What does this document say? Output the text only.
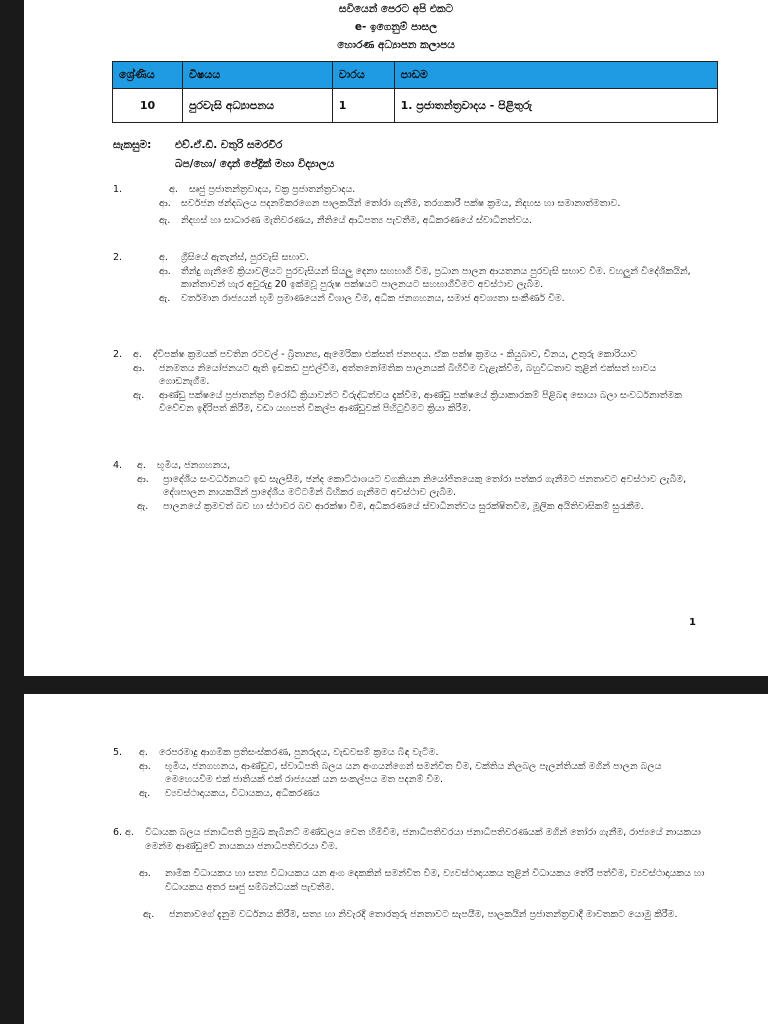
සවියෙන් පෙරට අපි එකට
e- ඉගෙනුම් පාසල
හොරණ අධ්‍යාපන කලාපය
ශ්‍රේණිය	විෂයය	වාරය	පාඩම
10	පුරවැසි අධ්‍යාපනය	1	1. ප්‍රජාතන්ත්‍රවාදය - පිළිතුරු
සැකසුම: එච්.ඒ.ඩී. චතුරි සමරවීර
බප/හො/ දොන් පේද්‍රික් මහා විද්‍යාලය
1.	අ.	සෘජු ප්‍රජාතන්ත්‍රවාදය, වක්‍ර ප්‍රජාතන්ත්‍රවාදය.
ආ.	සර්වජන ඡන්දබලය පදනම්කරගෙන පාලකයින් තෝරා ගැනීම, තරගකාරී පක්ෂ ක්‍රමය, නිදහස හා සමානාත්මතාව.
ඇ.	නිදහස් හා සාධාරණ මැතිවරණය, නීතියේ ආධිපත්‍ය පැවතීම, අධිකරණයේ ස්වාධීනත්වය.
2.	අ.	ග්‍රීසියේ ඇතැන්ස්, පුරවැසි සභාව.
ආ.	තීන්දු ගැනීමේ ක්‍රියාවලියට පුරවැසියන් සියලු දෙනා සහභාගී වීම, ප්‍රධාන පාලන ආයතනය පුරවැසි සභාව වීම. වහලුන් විදේශිකයින්, කාන්තාවන් හැර අවුරුදු 20 ඉක්මවූ පුරුෂ පක්ෂයට පාලනයට සහභාගීවීමට අවස්ථාව ලැබීම.
ඇ.	වර්තමාන රාජ්‍යයන් භූමි ප්‍රමාණයෙන් විශාල වීම, අධික ජනගහනය, සමාජ අවශ්‍යතා සංකීර්ණ වීම.
2. අ.	ද්විපක්ෂ ක්‍රමයක් පවතින රටවල් - බ්‍රිතාන්‍ය, ඇමෙරිකා එක්සත් ජනපදය. ඒක පක්ෂ ක්‍රමය - කියුබාව, චීනය, උතුරු කොරියාව
ආ.	ජනමතය නියෝජනයට ඇති ඉඩකඩ පුළුල්වීම, අත්තනෝමතික පාලනයක් බිහිවීම වැළැක්වීම, බහුවිධතාව තුළින් එක්සත් භාවය ගොඩනැගීම.
ඇ.	ආණ්ඩු පක්ෂයේ ප්‍රජාතන්ත්‍ර විරෝධී ක්‍රියාවන්ට විරුද්ධත්වය දැක්වීම, ආණ්ඩු පක්ෂයේ ක්‍රියාකාරකම් පිළිබඳ සොයා බලා සංවර්ධනාත්මක විවේචන ඉදිරිපත් කිරීම, වඩා යහපත් විකල්ප ආණ්ඩුවක් පිහිටුවීමට ක්‍රියා කිරීම.
4. අ.	භූමිය, ජනගහනය,
ආ.	ප්‍රාදේශීය සංවර්ධනයට ඉඩ සැලසීම, ඡන්ද කොට්ඨාශයට වගකියන නියෝජිතයෙකු තෝරා පත්කර ගැනීමට ජනතාවට අවස්ථාව ලැබීම, දේශපාලන නායකයින් ප්‍රාදේශීය මට්ටමින් බිහිකර ගැනීමට අවස්ථාව ලැබීම.
ඇ.	පාලනයේ ක්‍රමවත් බව හා ස්ථාවර බව ආරක්ෂා වීම, අධිකරණයේ ස්වාධීනත්වය සුරක්ෂිතවීම, මූලික අයිතිවාසිකම් සුරැකීම.
1
5. අ.	රෙපරමාදු ආගමික ප්‍රතිසංස්කරණ, පුනරුදය, වැඩවසම් ක්‍රමය බිඳ වැටීම.
ආ.	භූමිය, ජනගහනය, ආණ්ඩුව, ස්වාධිපති බලය යන අංගයන්ගෙන් සමන්විත වීම, වක්තිය නිලබල පැලන්තියක් මගින් පාලන බලය මෙහෙයවීම එක් ජාතියක් එක් රාජ්‍යයක් යන සංකල්පය මත පදනම් වීම.
ඇ.	ව්‍යවස්ථාදායකය, විධායකය, අධිකරණය
6. අ.	විධායක බලය ජනාධිපති ප්‍රමුඛ කැබිනට් මණ්ඩලය වෙත හිමිවීම, ජනාධිපතිවරයා ජනාධිපතිවරණයක් මගින් තෝරා ගැනීම, රාජ්‍යයේ නායකයා මෙන්ම ආණ්ඩුවේ නායකයා ජනාධිපතිවරයා වීම.
ආ.	නාමික විධායකය හා සත්‍ය විධායකය යන අංග දෙකකින් සමන්විත වීම, ව්‍යවස්ථාදායකය තුළින් විධායකය තේරී පත්වීම, ව්‍යවස්ථාදායකය හා විධායකය අතර සෘජු සම්බන්ධයක් පැවතීම.
ඇ.	ජනතාවගේ දැනුම වර්ධනය කිරීම, සත්‍ය හා නිවැරදි තොරතුරු ජනතාවට සැපයීම, පාලකයින් ප්‍රජාතන්ත්‍රවාදී මාවතකට යොමු කිරීම.
